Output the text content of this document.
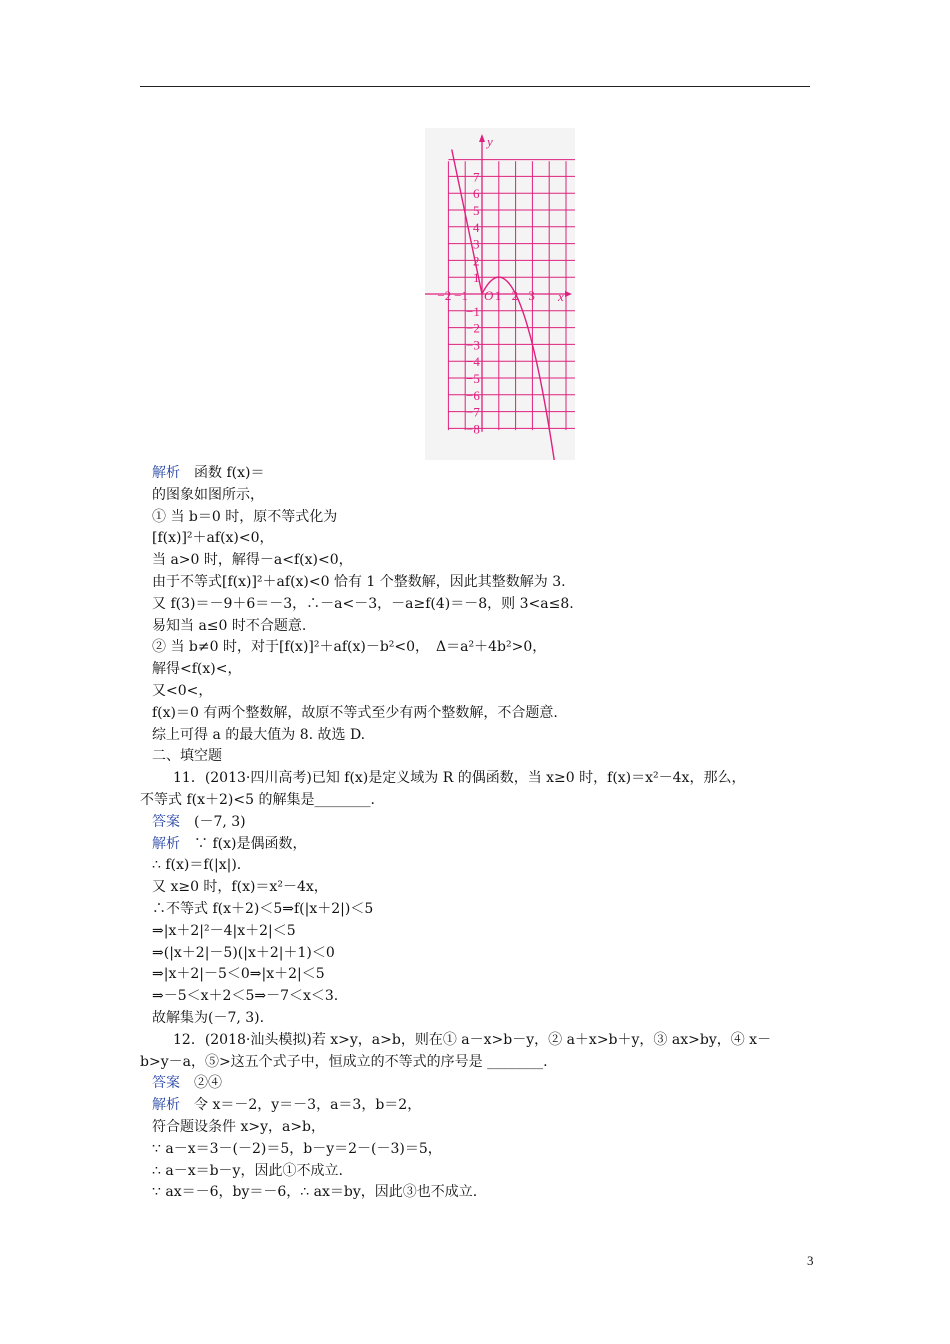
x
y
O
−2 −1 1 2 3
7
6
5
4
3
2
1
−1
−2
−3
−4
−5
−6
−7
−8
解析　函数 f(x)＝
的图象如图所示，
① 当 b＝0 时，原不等式化为
[f(x)]²＋af(x)<0，
当 a>0 时，解得－a<f(x)<0，
由于不等式[f(x)]²＋af(x)<0 恰有 1 个整数解，因此其整数解为 3.
又 f(3)＝－9＋6＝－3，∴－a<－3，－a≥f(4)＝－8，则 3<a≤8.
易知当 a≤0 时不合题意.
② 当 b≠0 时，对于[f(x)]²＋af(x)－b²<0，　Δ＝a²＋4b²>0，
解得<f(x)<，
又<0<，
f(x)＝0 有两个整数解，故原不等式至少有两个整数解，不合题意.
综上可得 a 的最大值为 8. 故选 D.
二、填空题
11．(2013·四川高考)已知 f(x)是定义域为 R 的偶函数，当 x≥0 时，f(x)＝x²－4x，那么，
不等式 f(x＋2)<5 的解集是________.
答案　(－7, 3)
解析　∵ f(x)是偶函数，
∴ f(x)＝f(|x|).
又 x≥0 时，f(x)＝x²－4x，
∴不等式 f(x＋2)＜5⇒f(|x＋2|)＜5
⇒|x＋2|²－4|x＋2|＜5
⇒(|x＋2|－5)(|x＋2|＋1)＜0
⇒|x＋2|－5＜0⇒|x＋2|＜5
⇒－5＜x＋2＜5⇒－7＜x＜3.
故解集为(－7, 3).
12．(2018·汕头模拟)若 x>y，a>b，则在① a－x>b－y，② a＋x>b＋y，③ ax>by，④ x－
b>y－a，⑤>这五个式子中，恒成立的不等式的序号是 ________.
答案　②④
解析　令 x＝－2，y＝－3，a＝3，b＝2，
符合题设条件 x>y，a>b，
∵ a－x＝3－(－2)＝5，b－y＝2－(－3)＝5，
∴ a－x＝b－y，因此①不成立.
∵ ax＝－6，by＝－6，∴ ax＝by，因此③也不成立.
3
